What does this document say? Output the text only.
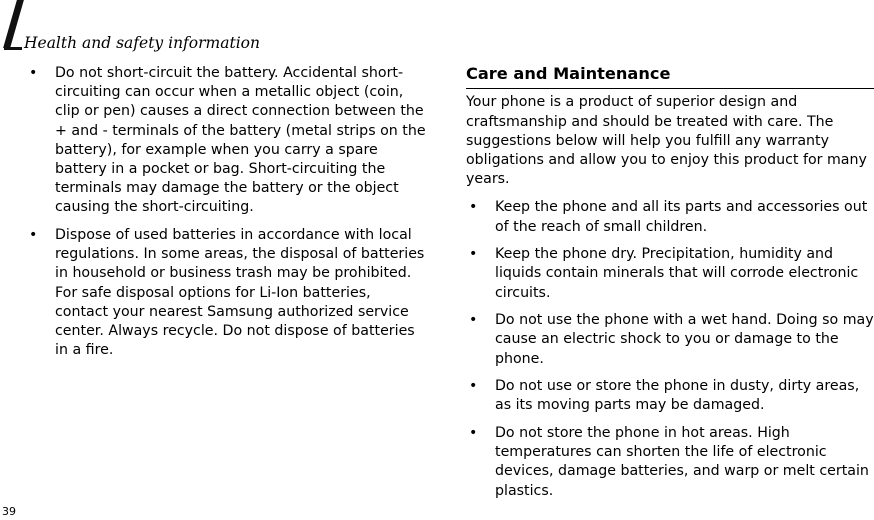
Health and safety information
• Do not short-circuit the battery. Accidental short-circuiting can occur when a metallic object (coin, clip or pen) causes a direct connection between the + and - terminals of the battery (metal strips on the battery), for example when you carry a spare battery in a pocket or bag. Short-circuiting the terminals may damage the battery or the object causing the short-circuiting.
• Dispose of used batteries in accordance with local regulations. In some areas, the disposal of batteries in household or business trash may be prohibited. For safe disposal options for Li-Ion batteries, contact your nearest Samsung authorized service center. Always recycle. Do not dispose of batteries in a fire.
Care and Maintenance

Your phone is a product of superior design and craftsmanship and should be treated with care. The suggestions below will help you fulfill any warranty obligations and allow you to enjoy this product for many years.

• Keep the phone and all its parts and accessories out of the reach of small children.
• Keep the phone dry. Precipitation, humidity and liquids contain minerals that will corrode electronic circuits.
• Do not use the phone with a wet hand. Doing so may cause an electric shock to you or damage to the phone.
• Do not use or store the phone in dusty, dirty areas, as its moving parts may be damaged.
• Do not store the phone in hot areas. High temperatures can shorten the life of electronic devices, damage batteries, and warp or melt certain plastics.
39
